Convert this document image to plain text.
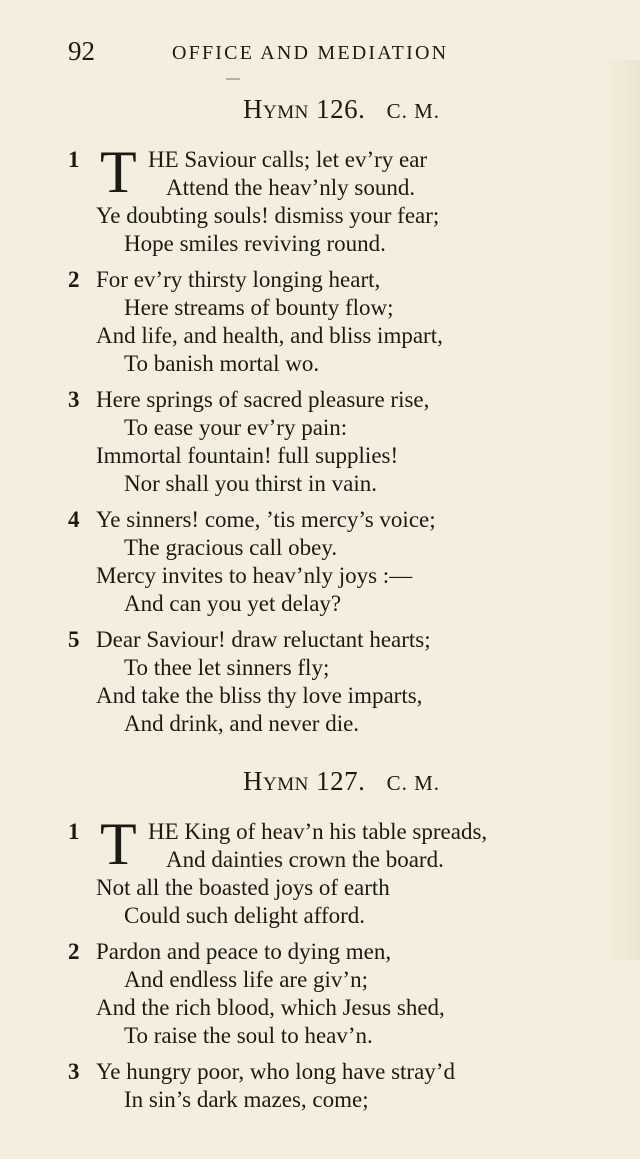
92	OFFICE AND MEDIATION
Hymn 126. C. M.
1 T HE Saviour calls; let ev’ry ear
Attend the heav’nly sound.
Ye doubting souls! dismiss your fear;
Hope smiles reviving round.
2 For ev’ry thirsty longing heart,
Here streams of bounty flow;
And life, and health, and bliss impart,
To banish mortal wo.
3 Here springs of sacred pleasure rise,
To ease your ev’ry pain:
Immortal fountain! full supplies!
Nor shall you thirst in vain.
4 Ye sinners! come, ’tis mercy’s voice;
The gracious call obey.
Mercy invites to heav’nly joys :—
And can you yet delay?
5 Dear Saviour! draw reluctant hearts;
To thee let sinners fly;
And take the bliss thy love imparts,
And drink, and never die.
Hymn 127. C. M.
1 T HE King of heav’n his table spreads,
And dainties crown the board.
Not all the boasted joys of earth
Could such delight afford.
2 Pardon and peace to dying men,
And endless life are giv’n;
And the rich blood, which Jesus shed,
To raise the soul to heav’n.
3 Ye hungry poor, who long have stray’d
In sin’s dark mazes, come;
